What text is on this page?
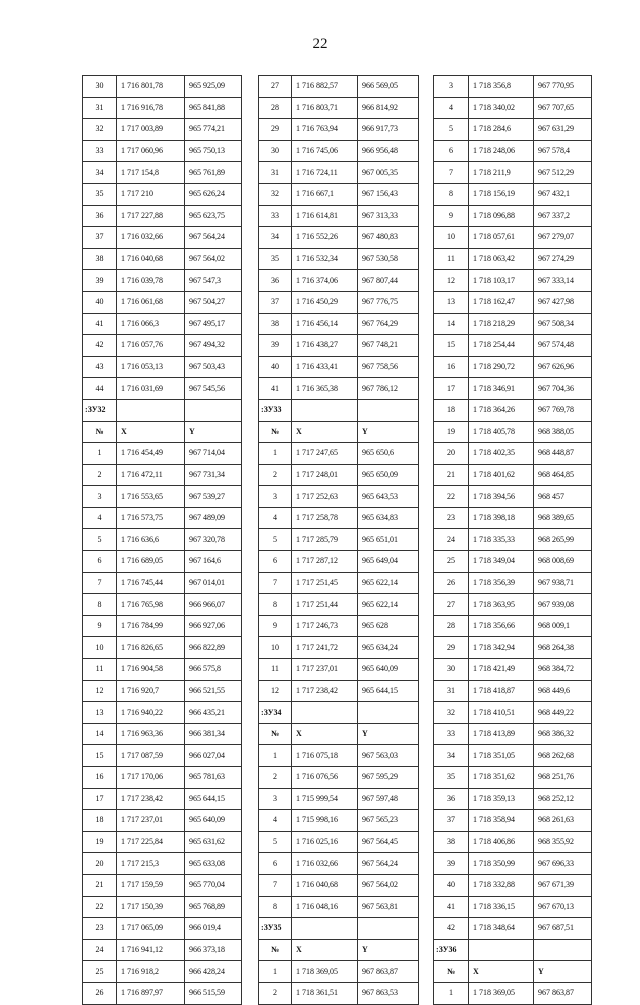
22
30	1 716 801,78	965 925,09
31	1 716 916,78	965 841,88
32	1 717 003,89	965 774,21
33	1 717 060,96	965 750,13
34	1 717 154,8	965 761,89
35	1 717 210	965 626,24
36	1 717 227,88	965 623,75
37	1 716 032,66	967 564,24
38	1 716 040,68	967 564,02
39	1 716 039,78	967 547,3
40	1 716 061,68	967 504,27
41	1 716 066,3	967 495,17
42	1 716 057,76	967 494,32
43	1 716 053,13	967 503,43
44	1 716 031,69	967 545,56
:ЗУ32		
№	X	Y
1	1 716 454,49	967 714,04
2	1 716 472,11	967 731,34
3	1 716 553,65	967 539,27
4	1 716 573,75	967 489,09
5	1 716 636,6	967 320,78
6	1 716 689,05	967 164,6
7	1 716 745,44	967 014,01
8	1 716 765,98	966 966,07
9	1 716 784,99	966 927,06
10	1 716 826,65	966 822,89
11	1 716 904,58	966 575,8
12	1 716 920,7	966 521,55
13	1 716 940,22	966 435,21
14	1 716 963,36	966 381,34
15	1 717 087,59	966 027,04
16	1 717 170,06	965 781,63
17	1 717 238,42	965 644,15
18	1 717 237,01	965 640,09
19	1 717 225,84	965 631,62
20	1 717 215,3	965 633,08
21	1 717 159,59	965 770,04
22	1 717 150,39	965 768,89
23	1 717 065,09	966 019,4
24	1 716 941,12	966 373,18
25	1 716 918,2	966 428,24
26	1 716 897,97	966 515,59
27	1 716 882,57	966 569,05
28	1 716 803,71	966 814,92
29	1 716 763,94	966 917,73
30	1 716 745,06	966 956,48
31	1 716 724,11	967 005,35
32	1 716 667,1	967 156,43
33	1 716 614,81	967 313,33
34	1 716 552,26	967 480,83
35	1 716 532,34	967 530,58
36	1 716 374,06	967 807,44
37	1 716 450,29	967 776,75
38	1 716 456,14	967 764,29
39	1 716 438,27	967 748,21
40	1 716 433,41	967 758,56
41	1 716 365,38	967 786,12
:ЗУ33		
№	X	Y
1	1 717 247,65	965 650,6
2	1 717 248,01	965 650,09
3	1 717 252,63	965 643,53
4	1 717 258,78	965 634,83
5	1 717 285,79	965 651,01
6	1 717 287,12	965 649,04
7	1 717 251,45	965 622,14
8	1 717 251,44	965 622,14
9	1 717 246,73	965 628
10	1 717 241,72	965 634,24
11	1 717 237,01	965 640,09
12	1 717 238,42	965 644,15
:ЗУ34		
№	X	Y
1	1 716 075,18	967 563,03
2	1 716 076,56	967 595,29
3	1 715 999,54	967 597,48
4	1 715 998,16	967 565,23
5	1 716 025,16	967 564,45
6	1 716 032,66	967 564,24
7	1 716 040,68	967 564,02
8	1 716 048,16	967 563,81
:ЗУ35		
№	X	Y
1	1 718 369,05	967 863,87
2	1 718 361,51	967 863,53
3	1 718 356,8	967 770,95
4	1 718 340,02	967 707,65
5	1 718 284,6	967 631,29
6	1 718 248,06	967 578,4
7	1 718 211,9	967 512,29
8	1 718 156,19	967 432,1
9	1 718 096,88	967 337,2
10	1 718 057,61	967 279,07
11	1 718 063,42	967 274,29
12	1 718 103,17	967 333,14
13	1 718 162,47	967 427,98
14	1 718 218,29	967 508,34
15	1 718 254,44	967 574,48
16	1 718 290,72	967 626,96
17	1 718 346,91	967 704,36
18	1 718 364,26	967 769,78
19	1 718 405,78	968 388,05
20	1 718 402,35	968 448,87
21	1 718 401,62	968 464,85
22	1 718 394,56	968 457
23	1 718 398,18	968 389,65
24	1 718 335,33	968 265,99
25	1 718 349,04	968 008,69
26	1 718 356,39	967 938,71
27	1 718 363,95	967 939,08
28	1 718 356,66	968 009,1
29	1 718 342,94	968 264,38
30	1 718 421,49	968 384,72
31	1 718 418,87	968 449,6
32	1 718 410,51	968 449,22
33	1 718 413,89	968 386,32
34	1 718 351,05	968 262,68
35	1 718 351,62	968 251,76
36	1 718 359,13	968 252,12
37	1 718 358,94	968 261,63
38	1 718 406,86	968 355,92
39	1 718 350,99	967 696,33
40	1 718 332,88	967 671,39
41	1 718 336,15	967 670,13
42	1 718 348,64	967 687,51
:ЗУ36		
№	X	Y
1	1 718 369,05	967 863,87
